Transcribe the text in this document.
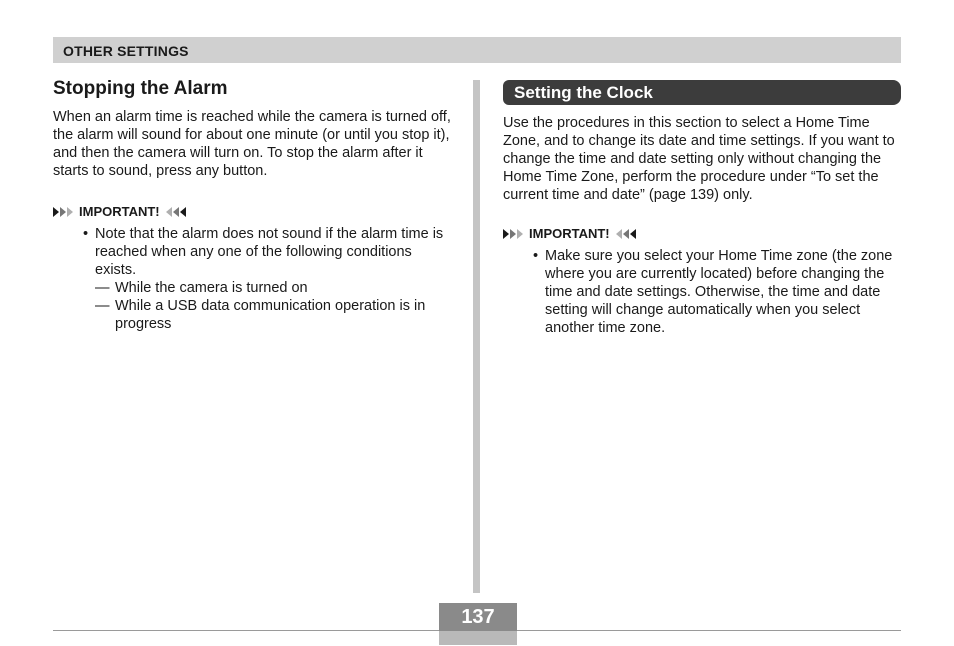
OTHER SETTINGS
Stopping the Alarm

When an alarm time is reached while the camera is turned off, the alarm will sound for about one minute (or until you stop it), and then the camera will turn on. To stop the alarm after it starts to sound, press any button.

IMPORTANT!
• Note that the alarm does not sound if the alarm time is reached when any one of the following conditions exists.
— While the camera is turned on
— While a USB data communication operation is in progress
Setting the Clock

Use the procedures in this section to select a Home Time Zone, and to change its date and time settings. If you want to change the time and date setting only without changing the Home Time Zone, perform the procedure under “To set the current time and date” (page 139) only.

IMPORTANT!
• Make sure you select your Home Time zone (the zone where you are currently located) before changing the time and date settings. Otherwise, the time and date setting will change automatically when you select another time zone.
137
